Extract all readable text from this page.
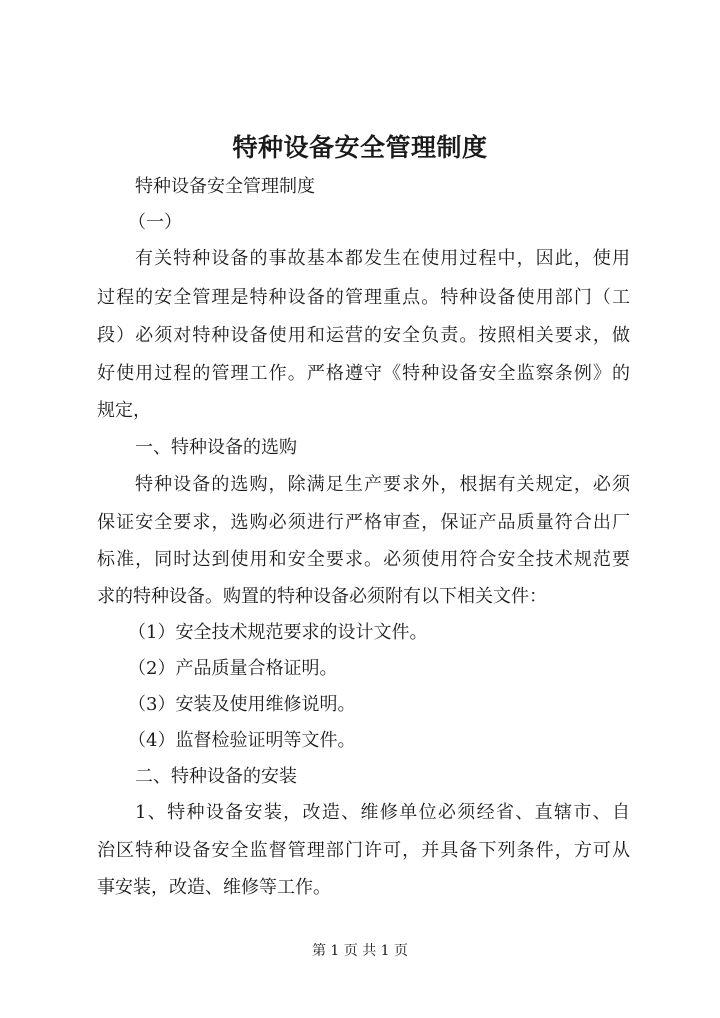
特种设备安全管理制度
特种设备安全管理制度
（一）
有关特种设备的事故基本都发生在使用过程中，因此，使用
过程的安全管理是特种设备的管理重点。特种设备使用部门（工
段）必须对特种设备使用和运营的安全负责。按照相关要求，做
好使用过程的管理工作。严格遵守《特种设备安全监察条例》的
规定，
一、特种设备的选购
特种设备的选购，除满足生产要求外，根据有关规定，必须
保证安全要求，选购必须进行严格审查，保证产品质量符合出厂
标准，同时达到使用和安全要求。必须使用符合安全技术规范要
求的特种设备。购置的特种设备必须附有以下相关文件：
（1）安全技术规范要求的设计文件。
（2）产品质量合格证明。
（3）安装及使用维修说明。
（4）监督检验证明等文件。
二、特种设备的安装
1、特种设备安装，改造、维修单位必须经省、直辖市、自
治区特种设备安全监督管理部门许可，并具备下列条件，方可从
事安装，改造、维修等工作。
第 1 页 共 1 页
